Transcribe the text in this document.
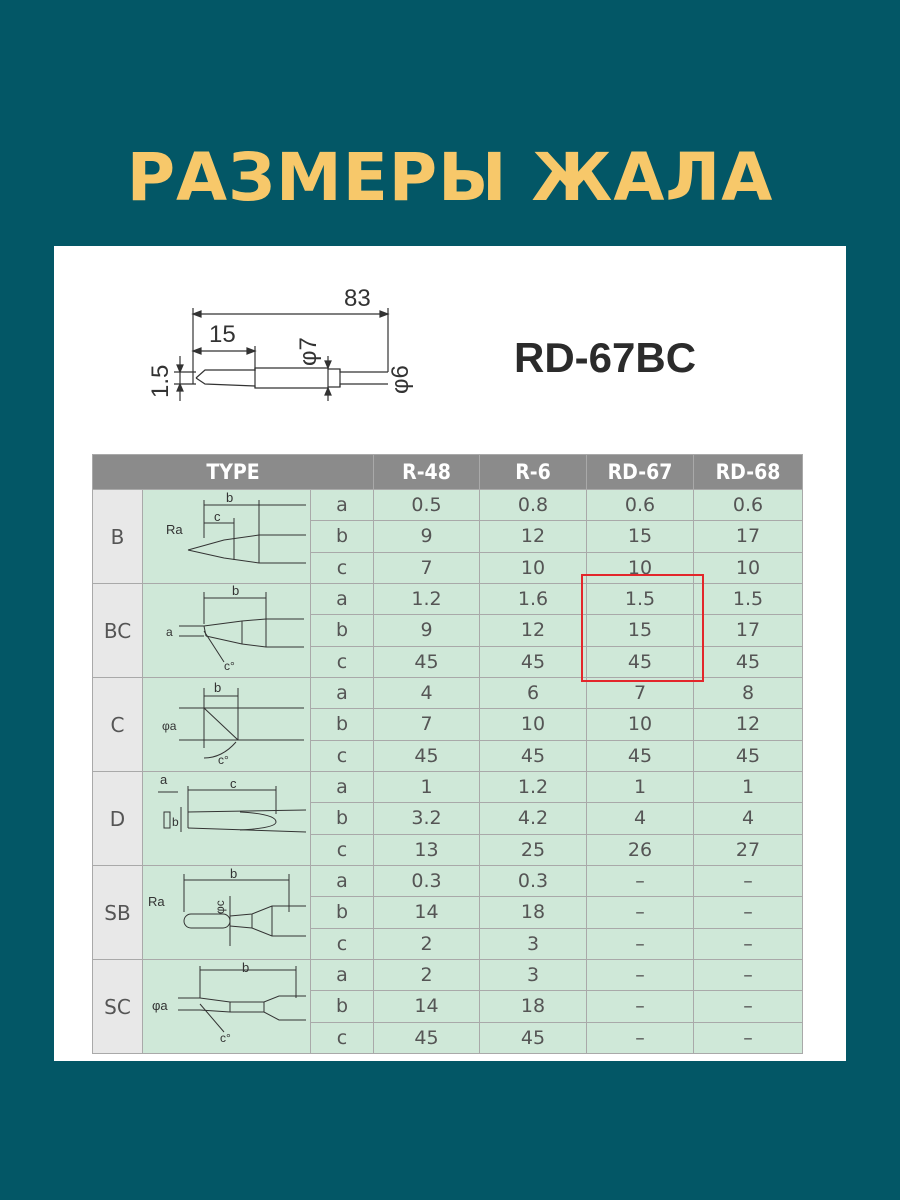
РАЗМЕРЫ ЖАЛА
83
15
1.5
φ7
φ6 RD-67BC
TYPE			R-48	R-6	RD-67	RD-68
B	b
c
Ra	a	0.5	0.8	0.6	0.6
		b	9	12	15	17
		c	7	10	10	10
BC	b
a
c°	a	1.2	1.6	1.5	1.5
		b	9	12	15	17
		c	45	45	45	45
C	b
φa
c°	a	4	6	7	8
		b	7	10	10	12
		c	45	45	45	45
D	a c
b	a	1	1.2	1	1
		b	3.2	4.2	4	4
		c	13	25	26	27
SB	b
Ra φc	a	0.3	0.3	–	–
		b	14	18	–	–
		c	2	3	–	–
SC	b
φa
c°	a	2	3	–	–
		b	14	18	–	–
		c	45	45	–	–
